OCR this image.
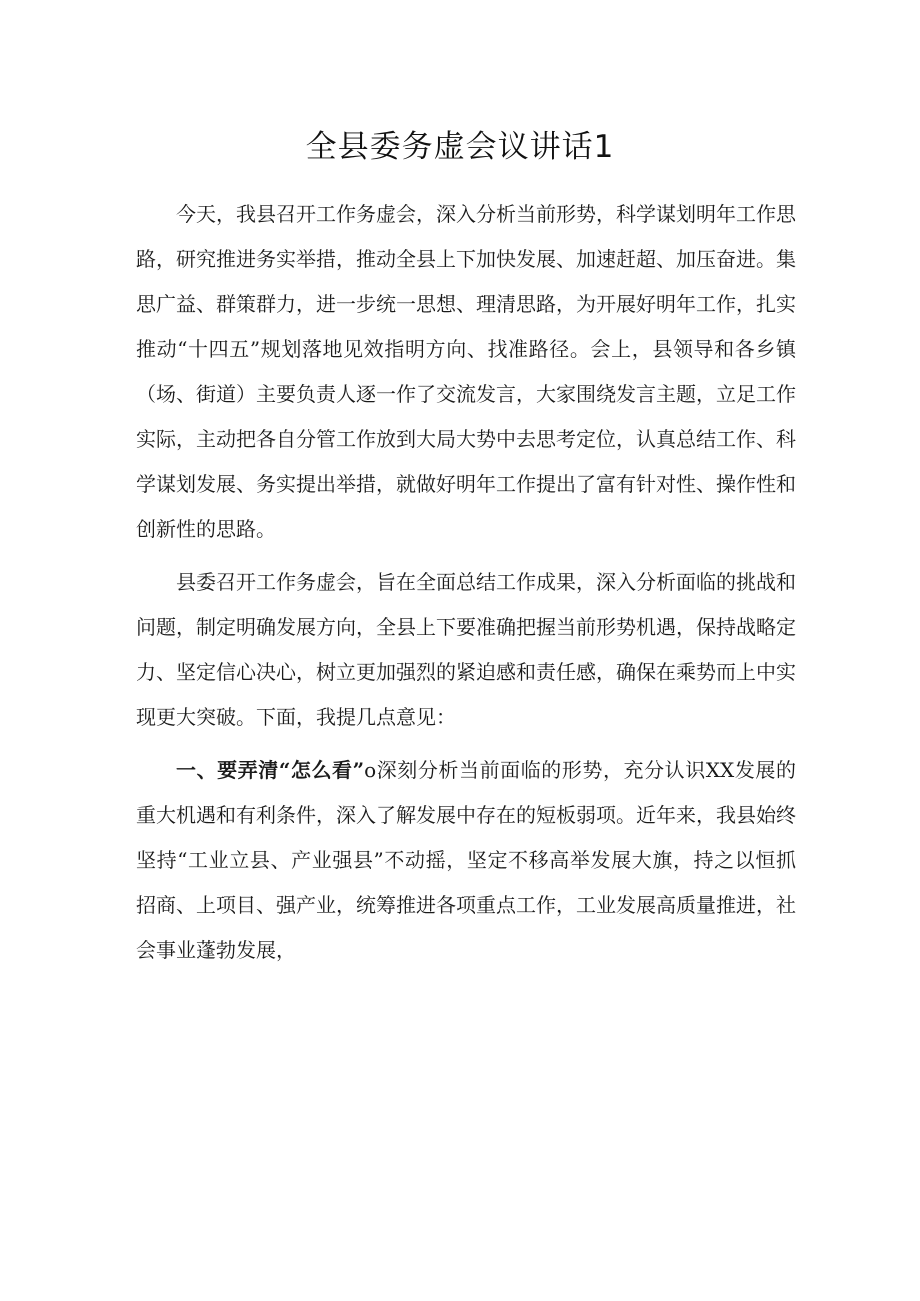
全县委务虚会议讲话1

今天，我县召开工作务虚会，深入分析当前形势，科学谋划明年工作思路，研究推进务实举措，推动全县上下加快发展、加速赶超、加压奋进。集思广益、群策群力，进一步统一思想、理清思路，为开展好明年工作，扎实推动“十四五”规划落地见效指明方向、找准路径。会上，县领导和各乡镇（场、街道）主要负责人逐一作了交流发言，大家围绕发言主题，立足工作实际，主动把各自分管工作放到大局大势中去思考定位，认真总结工作、科学谋划发展、务实提出举措，就做好明年工作提出了富有针对性、操作性和创新性的思路。

县委召开工作务虚会，旨在全面总结工作成果，深入分析面临的挑战和问题，制定明确发展方向，全县上下要准确把握当前形势机遇，保持战略定力、坚定信心决心，树立更加强烈的紧迫感和责任感，确保在乘势而上中实现更大突破。下面，我提几点意见：

一、要弄清“怎么看”o深刻分析当前面临的形势，充分认识XX发展的重大机遇和有利条件，深入了解发展中存在的短板弱项。近年来，我县始终坚持“工业立县、产业强县”不动摇，坚定不移高举发展大旗，持之以恒抓招商、上项目、强产业，统筹推进各项重点工作，工业发展高质量推进，社会事业蓬勃发展，
